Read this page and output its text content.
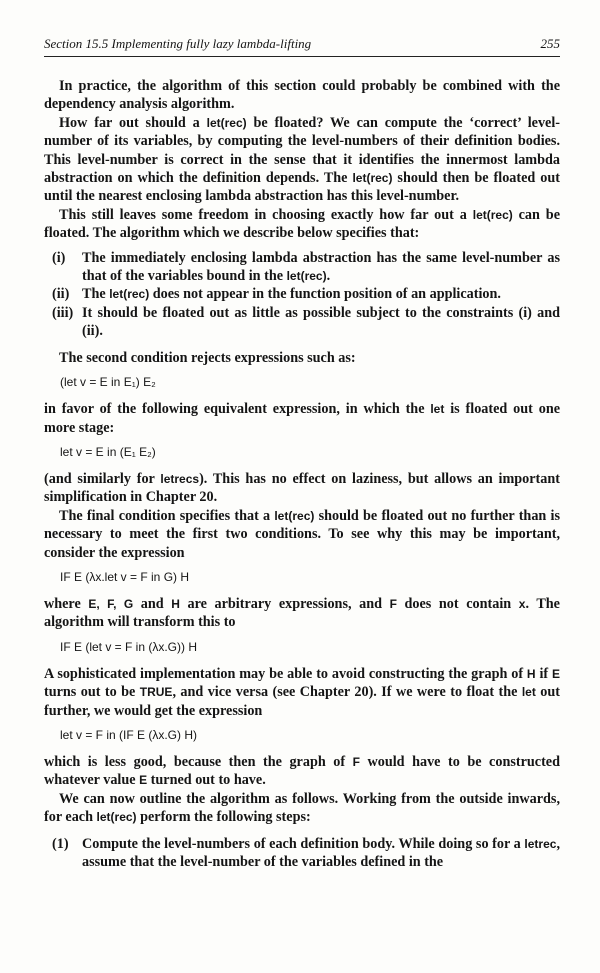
Section 15.5 Implementing fully lazy lambda-lifting	255

In practice, the algorithm of this section could probably be combined with the dependency analysis algorithm.

How far out should a let(rec) be floated? We can compute the ‘correct’ level-number of its variables, by computing the level-numbers of their definition bodies. This level-number is correct in the sense that it identifies the innermost lambda abstraction on which the definition depends. The let(rec) should then be floated out until the nearest enclosing lambda abstraction has this level-number.

This still leaves some freedom in choosing exactly how far out a let(rec) can be floated. The algorithm which we describe below specifies that:

(i)	The immediately enclosing lambda abstraction has the same level-number as that of the variables bound in the let(rec).
(ii) The let(rec) does not appear in the function position of an application.
(iii) It should be floated out as little as possible subject to the constraints (i) and (ii).

The second condition rejects expressions such as:

(let v = E in E₁) E₂

in favor of the following equivalent expression, in which the let is floated out one more stage:

let v = E in (E₁ E₂)

(and similarly for letrecs). This has no effect on laziness, but allows an important simplification in Chapter 20.

The final condition specifies that a let(rec) should be floated out no further than is necessary to meet the first two conditions. To see why this may be important, consider the expression

IF E (λx.let v = F in G) H

where E, F, G and H are arbitrary expressions, and F does not contain x. The algorithm will transform this to

IF E (let v = F in (λx.G)) H

A sophisticated implementation may be able to avoid constructing the graph of H if E turns out to be TRUE, and vice versa (see Chapter 20). If we were to float the let out further, we would get the expression

let v = F in (IF E (λx.G) H)

which is less good, because then the graph of F would have to be constructed whatever value E turned out to have.

We can now outline the algorithm as follows. Working from the outside inwards, for each let(rec) perform the following steps:

(1) Compute the level-numbers of each definition body. While doing so for a letrec, assume that the level-number of the variables defined in the
